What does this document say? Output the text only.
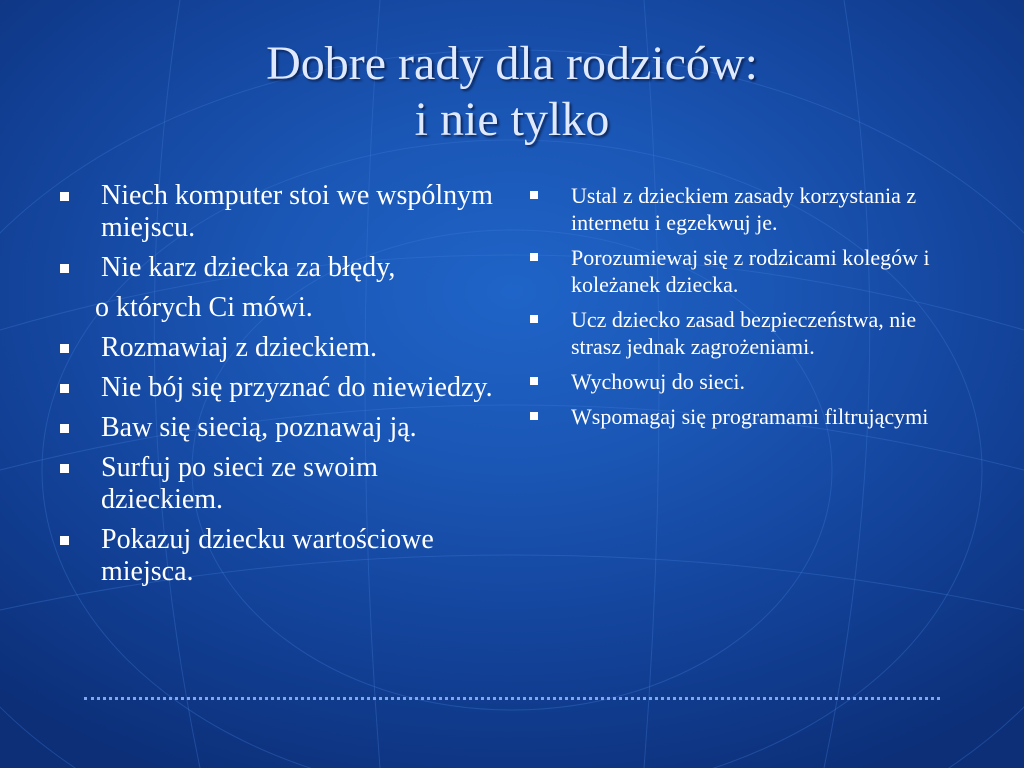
Dobre rady dla rodziców:
i nie tylko
Niech komputer stoi we wspólnym miejscu.
Nie karz dziecka za błędy,
o których Ci mówi.
Rozmawiaj z dzieckiem.
Nie bój się przyznać do niewiedzy.
Baw się siecią, poznawaj ją.
Surfuj po sieci ze swoim dzieckiem.
Pokazuj dziecku wartościowe miejsca.
Ustal z dzieckiem zasady korzystania z internetu i egzekwuj je.
Porozumiewaj się z rodzicami kolegów i koleżanek dziecka.
Ucz dziecko zasad bezpieczeństwa, nie strasz jednak zagrożeniami.
Wychowuj do sieci.
Wspomagaj się programami filtrującymi
